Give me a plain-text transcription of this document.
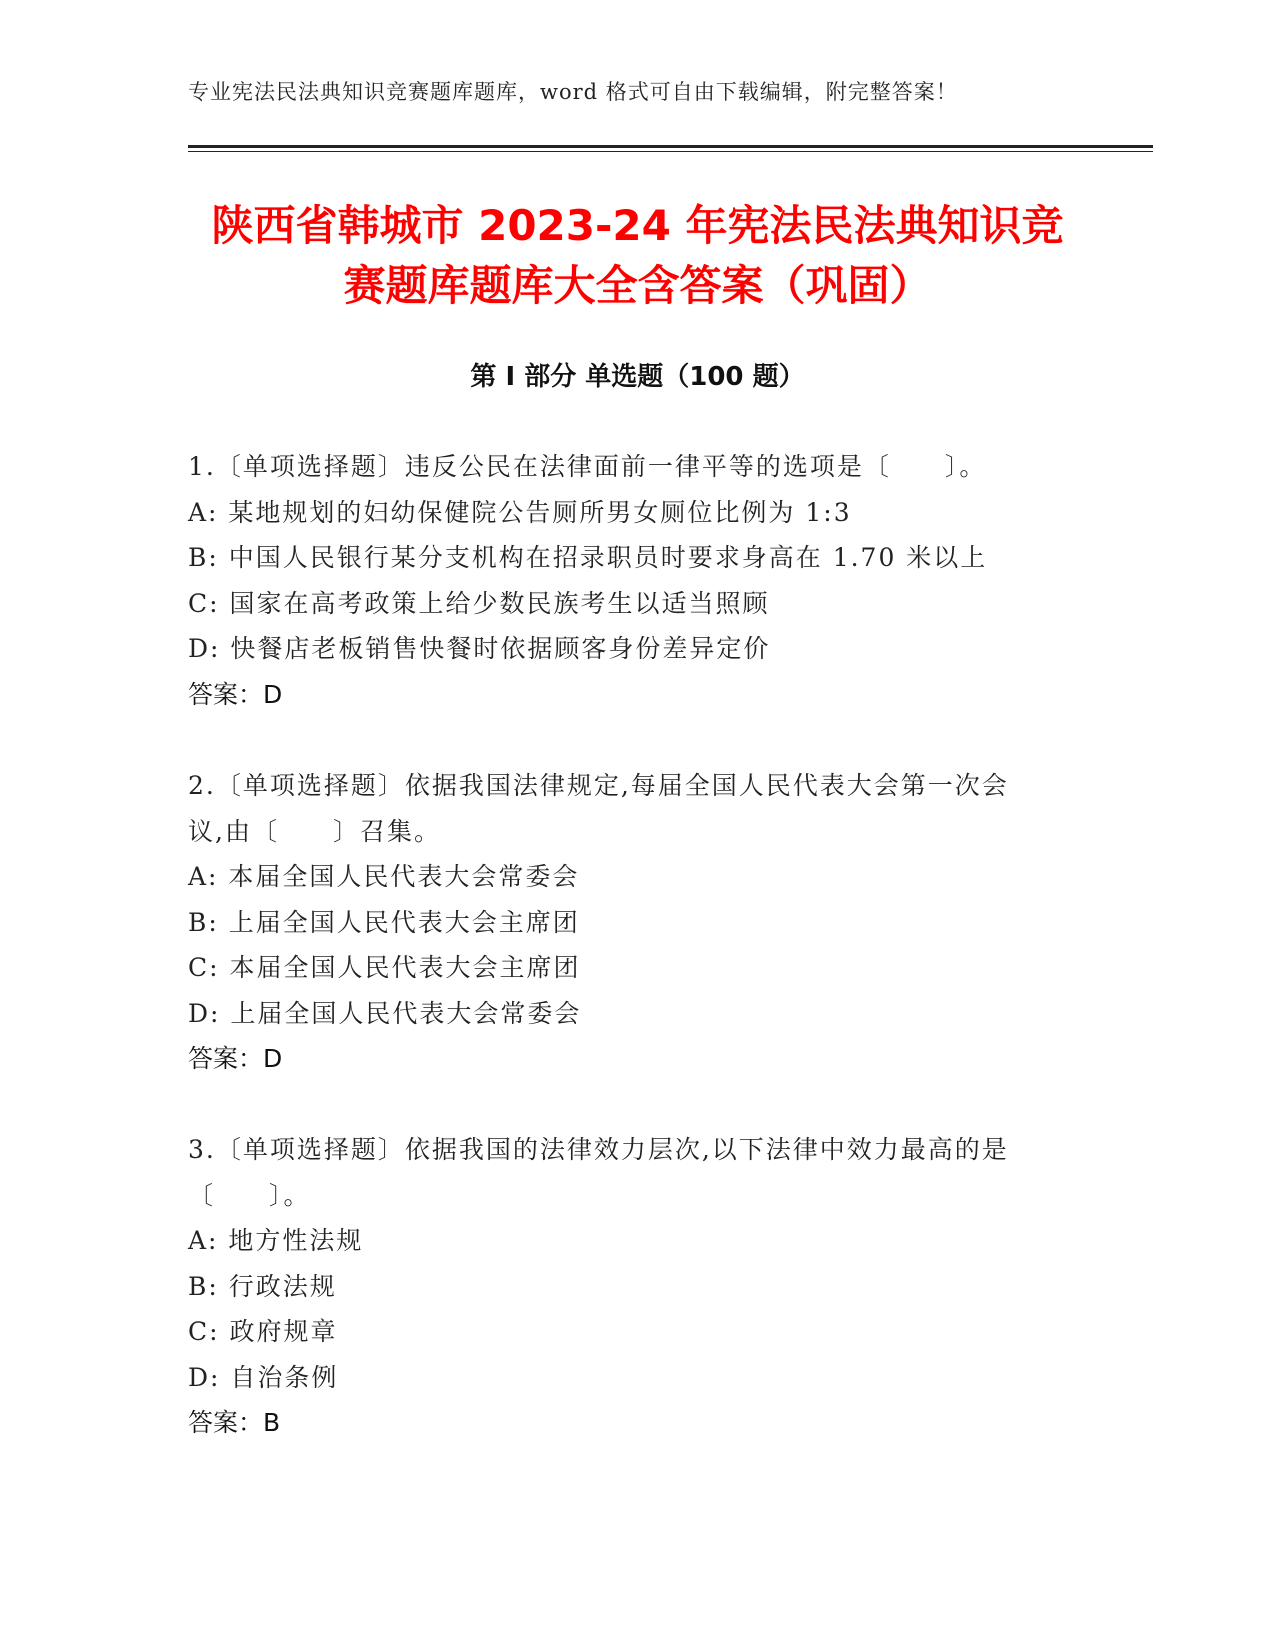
专业宪法民法典知识竞赛题库题库，word 格式可自由下载编辑，附完整答案！
陕西省韩城市 2023-24 年宪法民法典知识竞
赛题库题库大全含答案（巩固）
第 I 部分 单选题（100 题）
1.〔单项选择题〕违反公民在法律面前一律平等的选项是〔　　〕。
A: 某地规划的妇幼保健院公告厕所男女厕位比例为 1:3
B: 中国人民银行某分支机构在招录职员时要求身高在 1.70 米以上
C: 国家在高考政策上给少数民族考生以适当照顾
D: 快餐店老板销售快餐时依据顾客身份差异定价
答案：D
2.〔单项选择题〕依据我国法律规定,每届全国人民代表大会第一次会
议,由〔　　〕召集。
A: 本届全国人民代表大会常委会
B: 上届全国人民代表大会主席团
C: 本届全国人民代表大会主席团
D: 上届全国人民代表大会常委会
答案：D
3.〔单项选择题〕依据我国的法律效力层次,以下法律中效力最高的是
〔　　〕。
A: 地方性法规
B: 行政法规
C: 政府规章
D: 自治条例
答案：B
